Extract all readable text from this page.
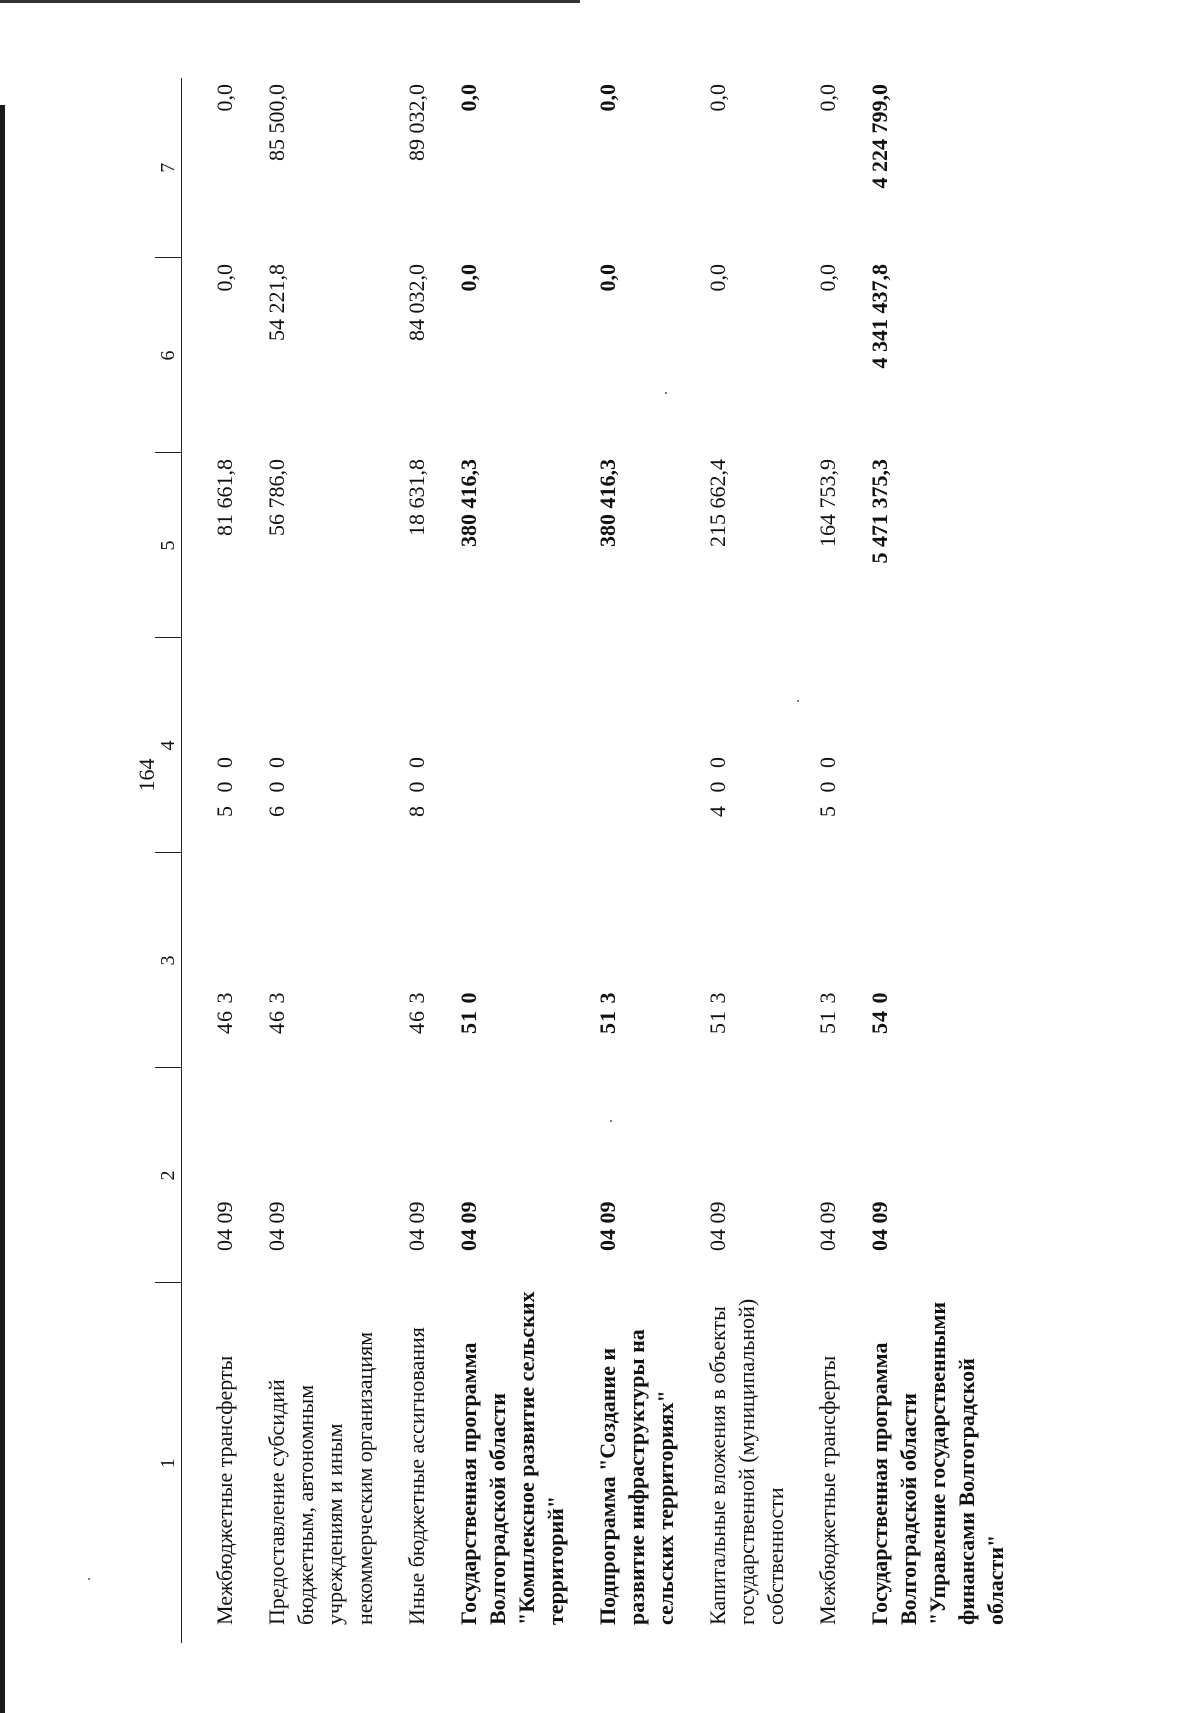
164
1	2	3	4	5	6	7
Межбюджетные трансферты	04 09	46 3	5 0 0	81 661,8	0,0	0,0
Предоставление субсидий бюджетным, автономным учреждениям и иным некоммерческим организациям	04 09	46 3	6 0 0	56 786,0	54 221,8	85 500,0
Иные бюджетные ассигнования	04 09	46 3	8 0 0	18 631,8	84 032,0	89 032,0
Государственная программа Волгоградской области "Комплексное развитие сельских территорий"	04 09	51 0		380 416,3	0,0	0,0
Подпрограмма "Создание и развитие инфраструктуры на сельских территориях"	04 09	51 3		380 416,3	0,0	0,0
Капитальные вложения в объекты государственной (муниципальной) собственности	04 09	51 3	4 0 0	215 662,4	0,0	0,0
Межбюджетные трансферты	04 09	51 3	5 0 0	164 753,9	0,0	0,0
Государственная программа Волгоградской области "Управление государственными финансами Волгоградской области"	04 09	54 0		5 471 375,3	4 341 437,8	4 224 799,0
